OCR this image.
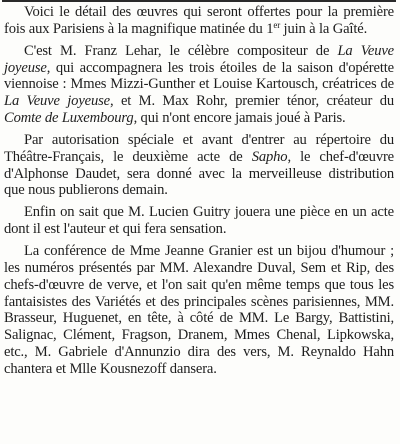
Voici le détail des œuvres qui seront offertes pour la première fois aux Parisiens à la magnifique matinée du 1er juin à la Gaîté.

C'est M. Franz Lehar, le célèbre compositeur de La Veuve joyeuse, qui accompagnera les trois étoiles de la saison d'opérette viennoise : Mmes Mizzi-Gunther et Louise Kartousch, créatrices de La Veuve joyeuse, et M. Max Rohr, premier ténor, créateur du Comte de Luxembourg, qui n'ont encore jamais joué à Paris.

Par autorisation spéciale et avant d'entrer au répertoire du Théâtre-Français, le deuxième acte de Sapho, le chef-d'œuvre d'Alphonse Daudet, sera donné avec la merveilleuse distribution que nous publierons demain.

Enfin on sait que M. Lucien Guitry jouera une pièce en un acte dont il est l'auteur et qui fera sensation.

La conférence de Mme Jeanne Granier est un bijou d'humour ; les numéros présentés par MM. Alexandre Duval, Sem et Rip, des chefs-d'œuvre de verve, et l'on sait qu'en même temps que tous les fantaisistes des Variétés et des principales scènes parisiennes, MM. Brasseur, Huguenet, en tête, à côté de MM. Le Bargy, Battistini, Salignac, Clément, Fragson, Dranem, Mmes Chenal, Lipkowska, etc., M. Gabriele d'Annunzio dira des vers, M. Reynaldo Hahn chantera et Mlle Kousnezoff dansera.
